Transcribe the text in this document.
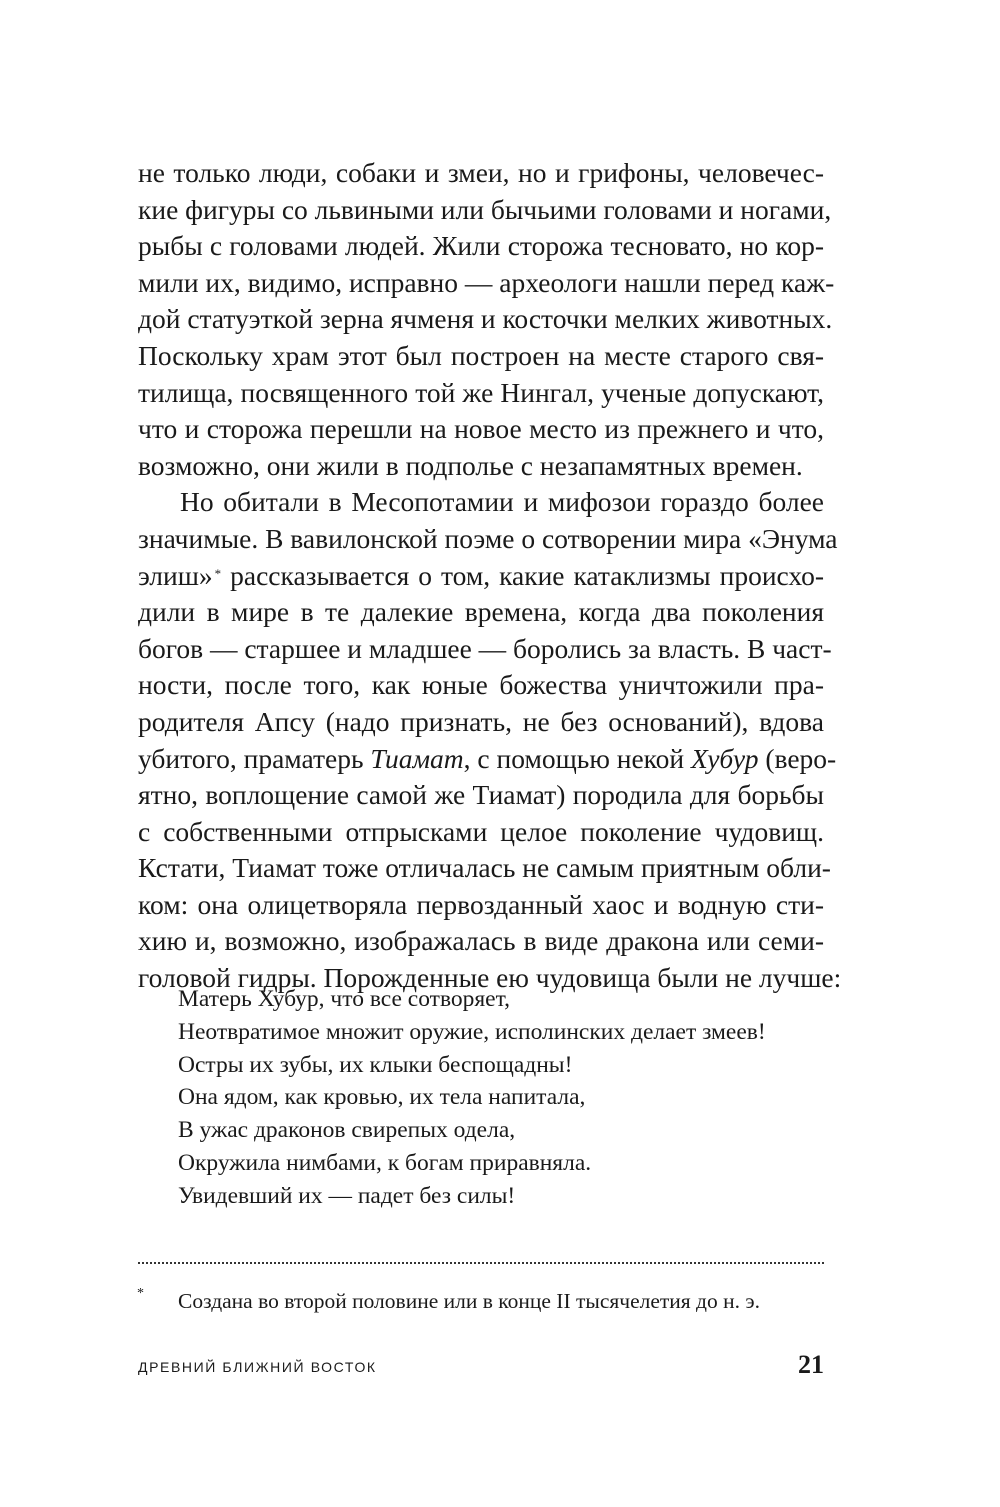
не только люди, собаки и змеи, но и грифоны, человечес-
кие фигуры со львиными или бычьими головами и ногами,
рыбы с головами людей. Жили сторожа тесновато, но кор-
мили их, видимо, исправно — археологи нашли перед каж-
дой статуэткой зерна ячменя и косточки мелких животных.
Поскольку храм этот был построен на месте старого свя-
тилища, посвященного той же Нингал, ученые допускают,
что и сторожа перешли на новое место из прежнего и что,
возможно, они жили в подполье с незапамятных времен.
Но обитали в Месопотамии и мифозои гораздо более
значимые. В вавилонской поэме о сотворении мира «Энума
элиш» * рассказывается о том, какие катаклизмы происхо-
дили в мире в те далекие времена, когда два поколения
богов — старшее и младшее — боролись за власть. В част-
ности, после того, как юные божества уничтожили пра-
родителя Апсу (надо признать, не без оснований), вдова
убитого, праматерь Тиамат, с помощью некой Хубур (веро-
ятно, воплощение самой же Тиамат) породила для борьбы
с собственными отпрысками целое поколение чудовищ.
Кстати, Тиамат тоже отличалась не самым приятным обли-
ком: она олицетворяла первозданный хаос и водную сти-
хию и, возможно, изображалась в виде дракона или семи-
головой гидры. Порожденные ею чудовища были не лучше:
Матерь Хубур, что все сотворяет,
Неотвратимое множит оружие, исполинских делает змеев!
Остры их зубы, их клыки беспощадны!
Она ядом, как кровью, их тела напитала,
В ужас драконов свирепых одела,
Окружила нимбами, к богам приравняла.
Увидевший их — падет без силы!
* Создана во второй половине или в конце II тысячелетия до н. э.
ДРЕВНИЙ БЛИЖНИЙ ВОСТОК	21
